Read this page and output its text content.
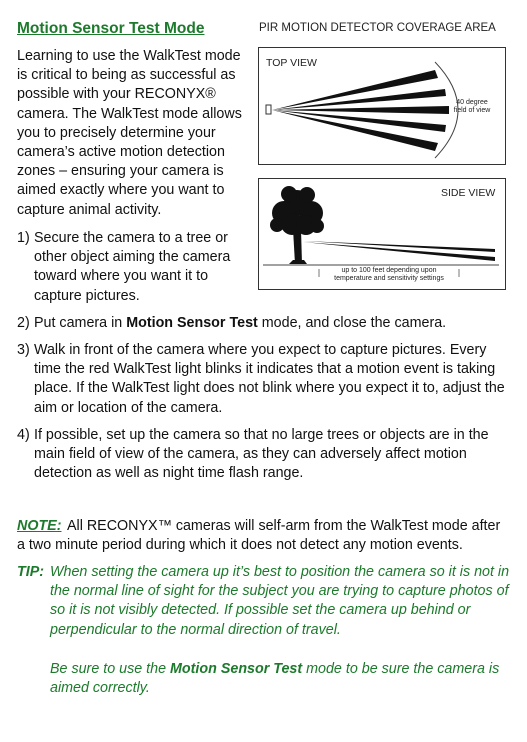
Motion Sensor Test Mode	PIR MOTION DETECTOR COVERAGE AREA
Learning to use the WalkTest mode is critical to being as successful as possible with your RECONYX® camera. The WalkTest mode allows you to precisely determine your camera’s active motion detection zones – ensuring your camera is aimed exactly where you want to capture animal activity.
TOP VIEW
40 degree
field of view
SIDE VIEW
up to 100 feet depending upon
temperature and sensitivity settings
1) Secure the camera to a tree or other object aiming the camera toward where you want it to capture pictures.
2) Put camera in Motion Sensor Test mode, and close the camera.
3) Walk in front of the camera where you expect to capture pictures. Every time the red WalkTest light blinks it indicates that a motion event is taking place. If the WalkTest light does not blink where you expect it to, adjust the aim or location of the camera.
4) If possible, set up the camera so that no large trees or objects are in the main field of view of the camera, as they can adversely affect motion detection as well as night time flash range.
NOTE: All RECONYX™ cameras will self-arm from the WalkTest mode after a two minute period during which it does not detect any motion events.
TIP: When setting the camera up it’s best to position the camera so it is not in the normal line of sight for the subject you are trying to capture photos of so it is not visibly detected. If possible set the camera up behind or perpendicular to the normal direction of travel.
Be sure to use the Motion Sensor Test mode to be sure the camera is aimed correctly.
